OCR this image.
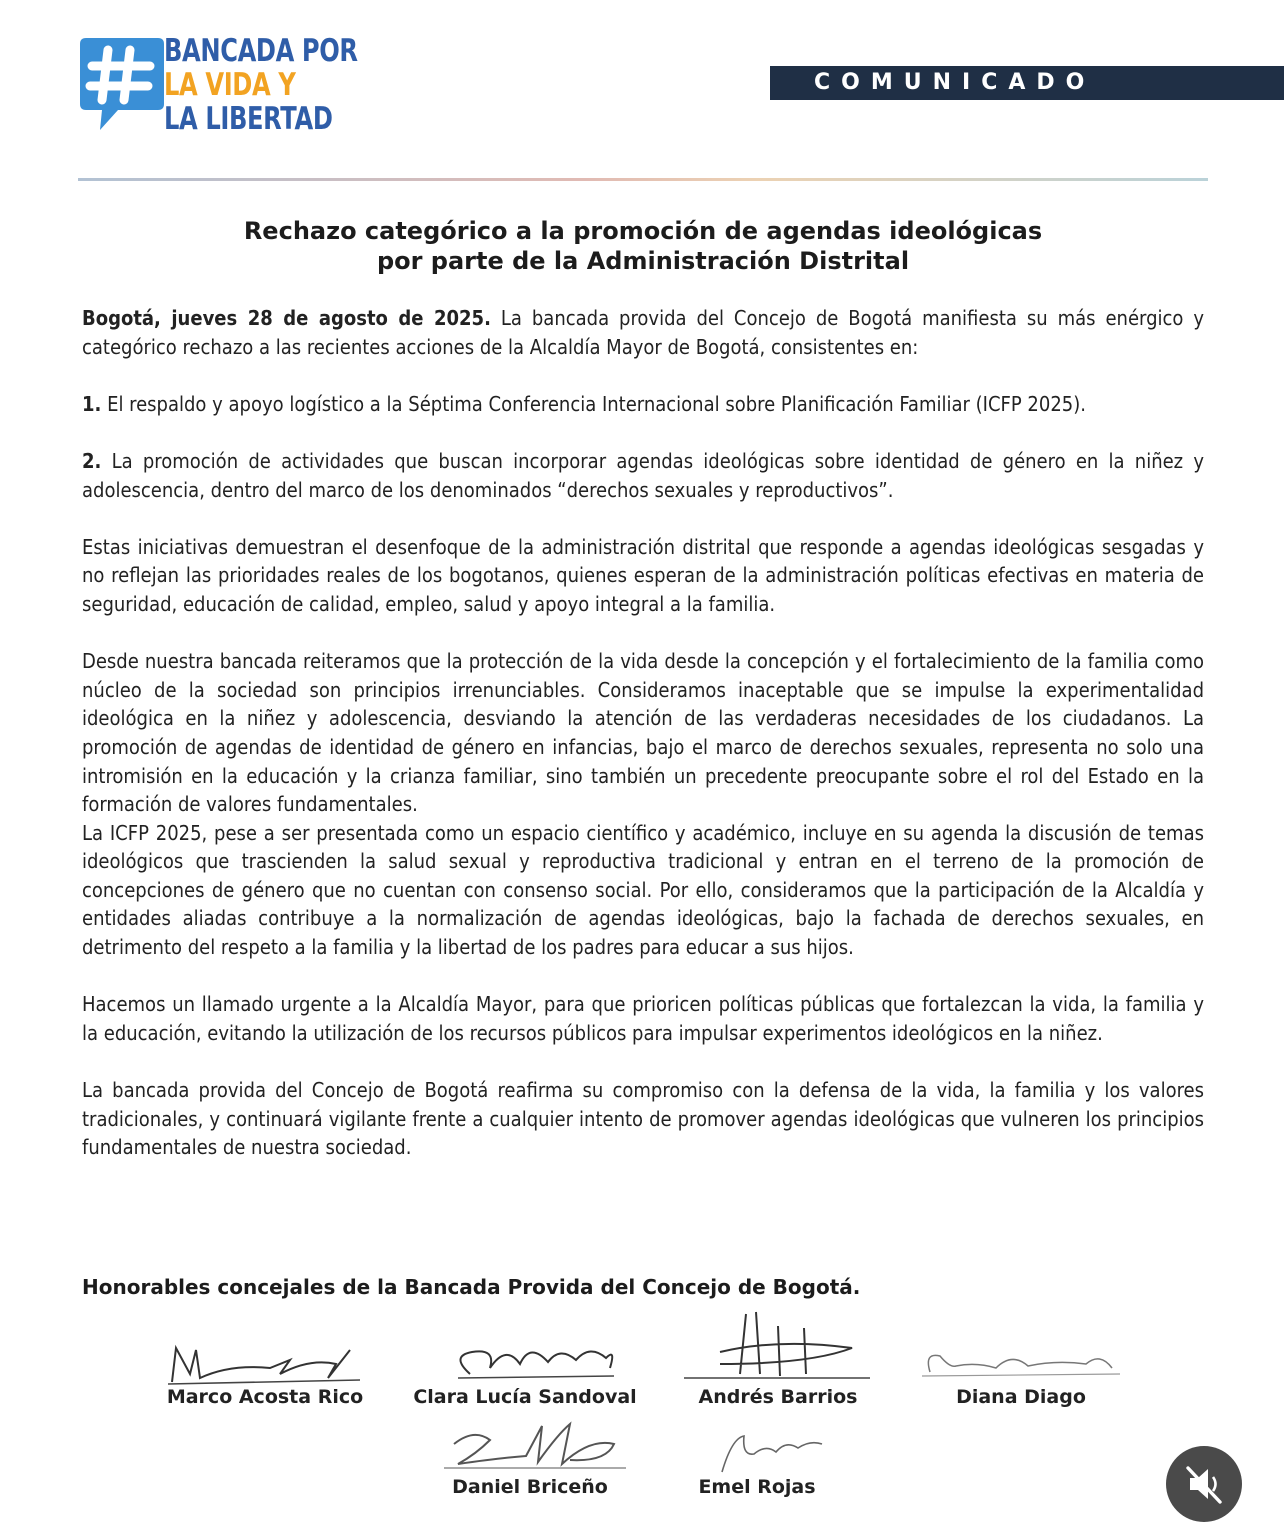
BANCADA POR
LA VIDA Y
LA LIBERTAD
COMUNICADO
Rechazo categórico a la promoción de agendas ideológicas
por parte de la Administración Distrital

Bogotá, jueves 28 de agosto de 2025. La bancada provida del Concejo de Bogotá manifiesta su más enérgico y categórico rechazo a las recientes acciones de la Alcaldía Mayor de Bogotá, consistentes en:

1. El respaldo y apoyo logístico a la Séptima Conferencia Internacional sobre Planificación Familiar (ICFP 2025).

2. La promoción de actividades que buscan incorporar agendas ideológicas sobre identidad de género en la niñez y adolescencia, dentro del marco de los denominados “derechos sexuales y reproductivos”.

Estas iniciativas demuestran el desenfoque de la administración distrital que responde a agendas ideológicas sesgadas y no reflejan las prioridades reales de los bogotanos, quienes esperan de la administración políticas efectivas en materia de seguridad, educación de calidad, empleo, salud y apoyo integral a la familia.

Desde nuestra bancada reiteramos que la protección de la vida desde la concepción y el fortalecimiento de la familia como núcleo de la sociedad son principios irrenunciables. Consideramos inaceptable que se impulse la experimentalidad ideológica en la niñez y adolescencia, desviando la atención de las verdaderas necesidades de los ciudadanos. La promoción de agendas de identidad de género en infancias, bajo el marco de derechos sexuales, representa no solo una intromisión en la educación y la crianza familiar, sino también un precedente preocupante sobre el rol del Estado en la formación de valores fundamentales.

La ICFP 2025, pese a ser presentada como un espacio científico y académico, incluye en su agenda la discusión de temas ideológicos que trascienden la salud sexual y reproductiva tradicional y entran en el terreno de la promoción de concepciones de género que no cuentan con consenso social. Por ello, consideramos que la participación de la Alcaldía y entidades aliadas contribuye a la normalización de agendas ideológicas, bajo la fachada de derechos sexuales, en detrimento del respeto a la familia y la libertad de los padres para educar a sus hijos.

Hacemos un llamado urgente a la Alcaldía Mayor, para que prioricen políticas públicas que fortalezcan la vida, la familia y la educación, evitando la utilización de los recursos públicos para impulsar experimentos ideológicos en la niñez.

La bancada provida del Concejo de Bogotá reafirma su compromiso con la defensa de la vida, la familia y los valores tradicionales, y continuará vigilante frente a cualquier intento de promover agendas ideológicas que vulneren los principios fundamentales de nuestra sociedad.

Honorables concejales de la Bancada Provida del Concejo de Bogotá.
Marco Acosta Rico	Clara Lucía Sandoval	Andrés Barrios	Diana Diago
Daniel Briceño	Emel Rojas
